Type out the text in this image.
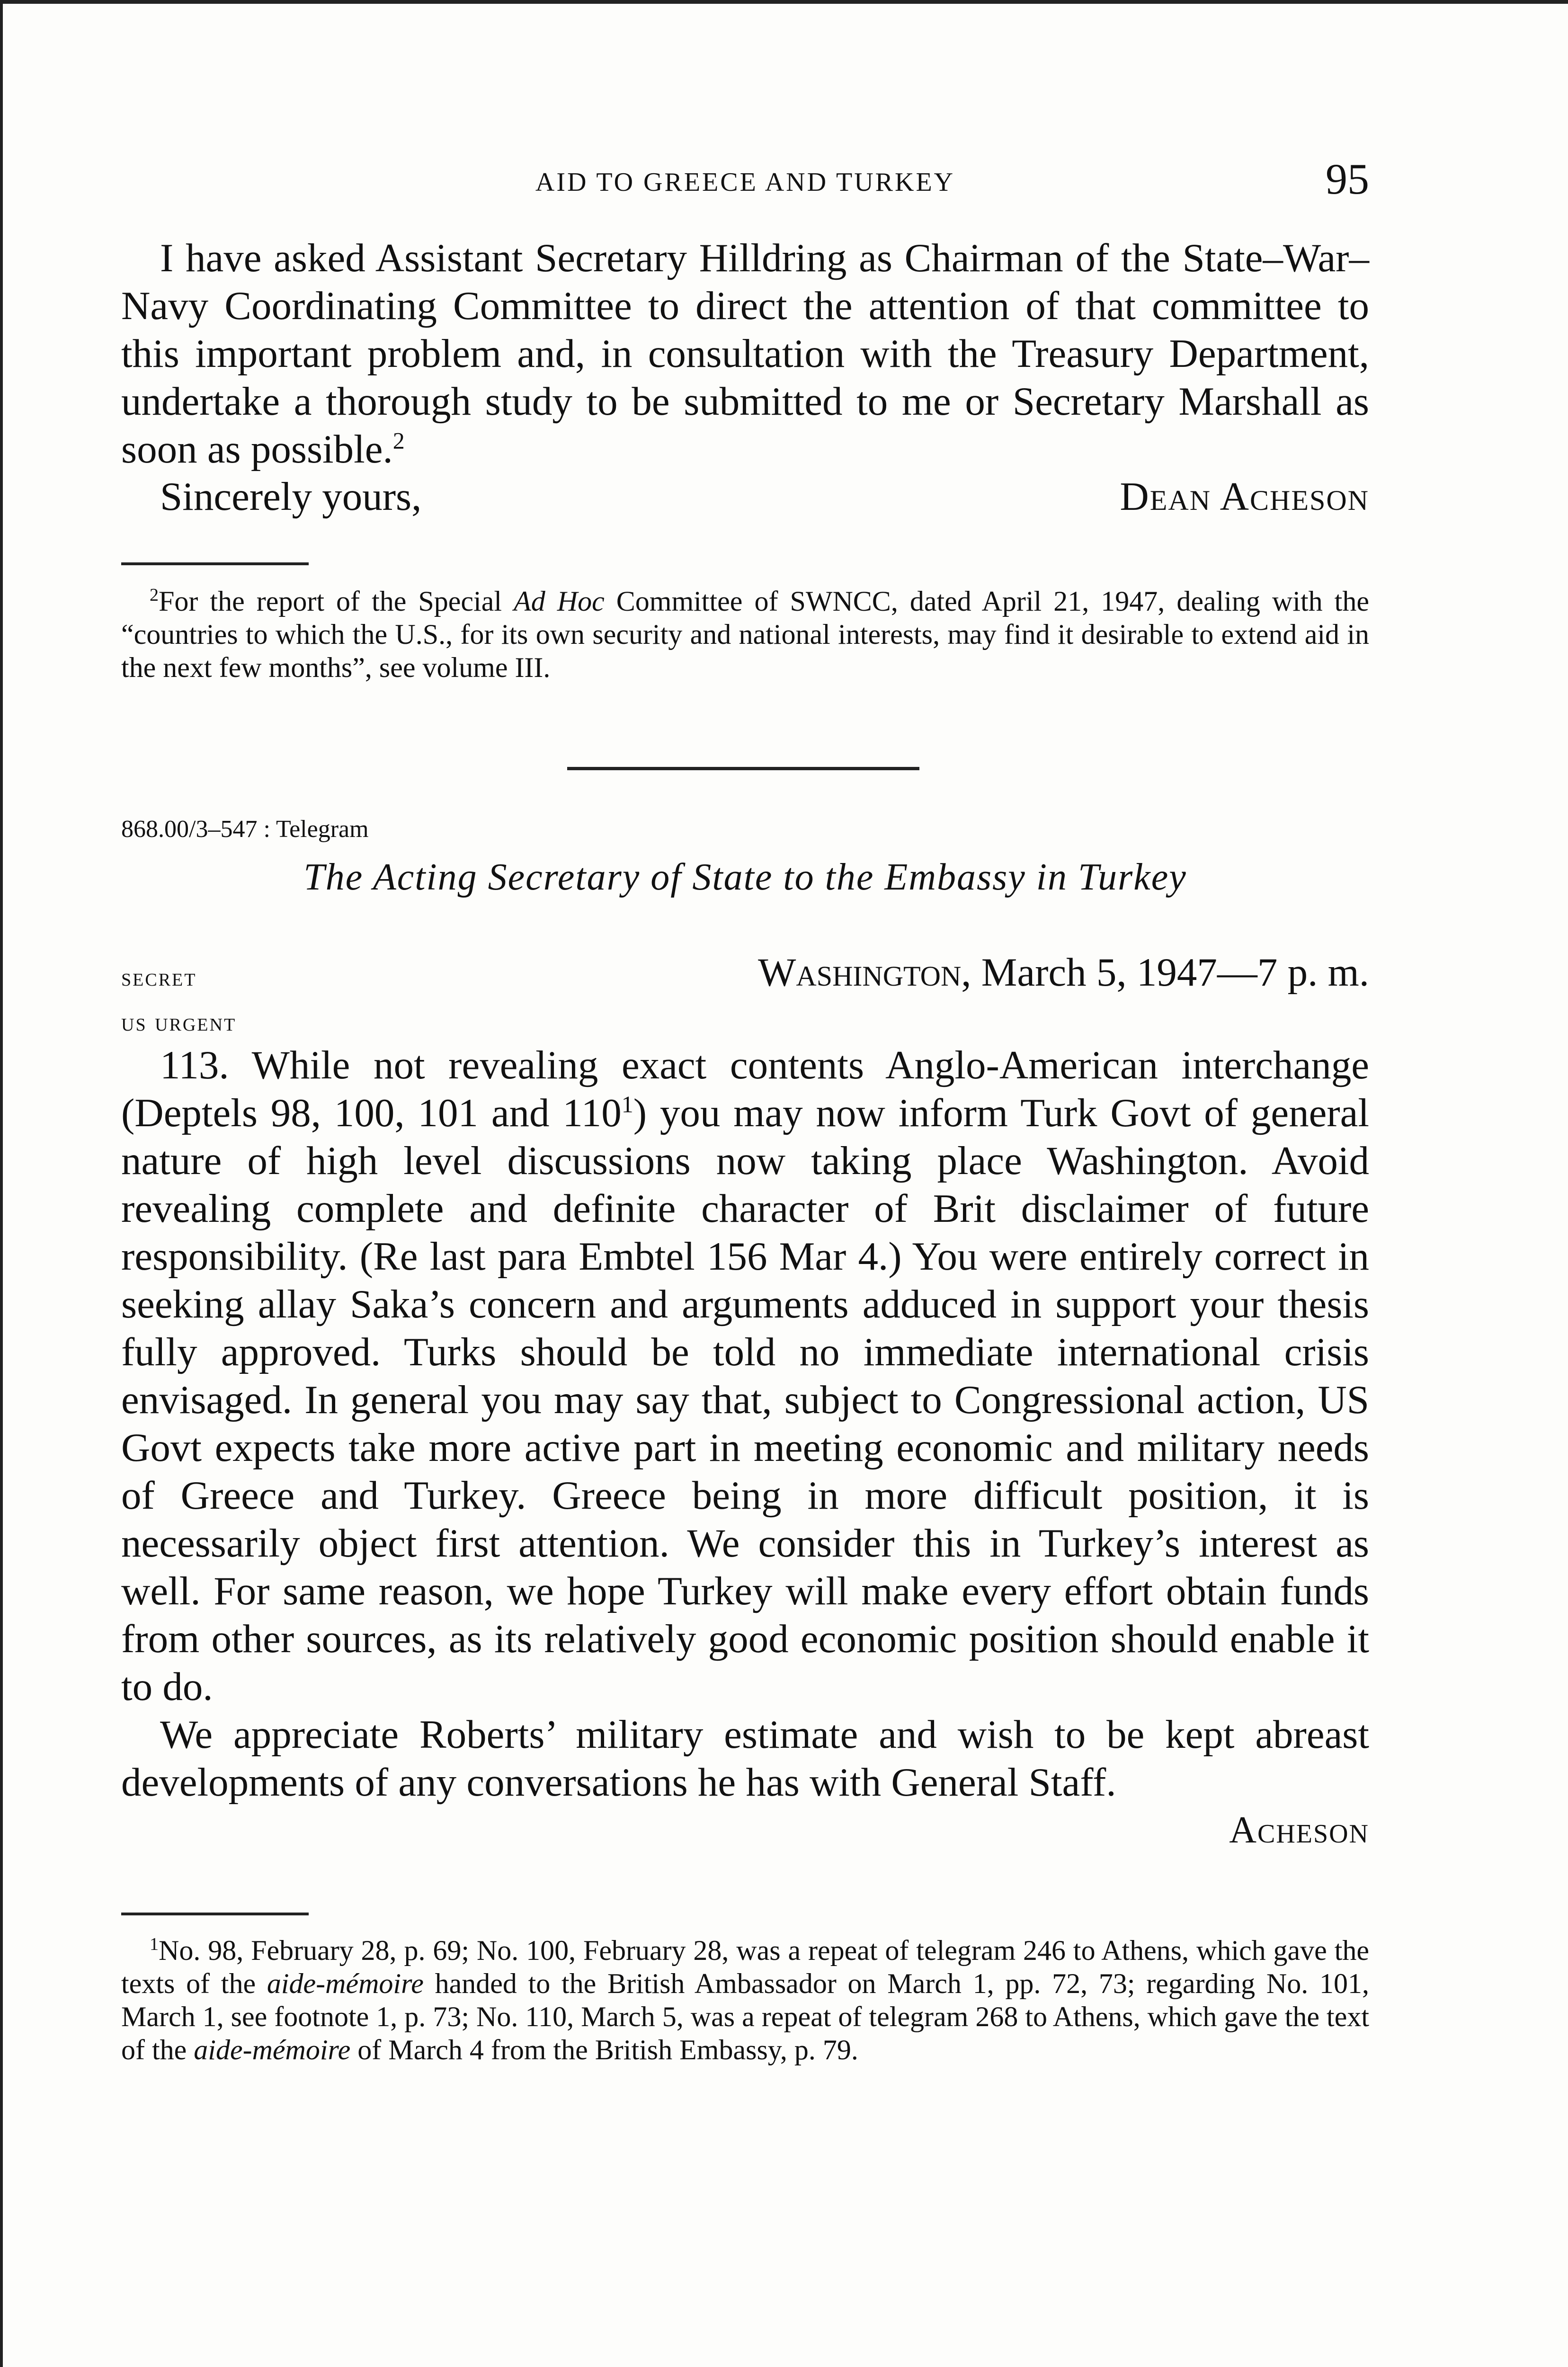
AID TO GREECE AND TURKEY	95

I have asked Assistant Secretary Hilldring as Chairman of the State–War–Navy Coordinating Committee to direct the attention of that committee to this important problem and, in consultation with the Treasury Department, undertake a thorough study to be submitted to me or Secretary Marshall as soon as possible.$^2$

Sincerely yours,	Dean Acheson

$^2$For the report of the Special Ad Hoc Committee of SWNCC, dated April 21, 1947, dealing with the “countries to which the U.S., for its own security and national interests, may find it desirable to extend aid in the next few months”, see volume III.

868.00/3–547 : Telegram
The Acting Secretary of State to the Embassy in Turkey
secret	Washington, March 5, 1947—7 p. m.
us urgent

113. While not revealing exact contents Anglo-American interchange (Deptels 98, 100, 101 and $110^1$) you may now inform Turk Govt of general nature of high level discussions now taking place Washington. Avoid revealing complete and definite character of Brit disclaimer of future responsibility. (Re last para Embtel 156 Mar 4.) You were entirely correct in seeking allay Saka’s concern and arguments adduced in support your thesis fully approved. Turks should be told no immediate international crisis envisaged. In general you may say that, subject to Congressional action, US Govt expects take more active part in meeting economic and military needs of Greece and Turkey. Greece being in more difficult position, it is necessarily object first attention. We consider this in Turkey’s interest as well. For same reason, we hope Turkey will make every effort obtain funds from other sources, as its relatively good economic position should enable it to do.

We appreciate Roberts’ military estimate and wish to be kept abreast developments of any conversations he has with General Staff.

Acheson

$^1$No. 98, February 28, p. 69; No. 100, February 28, was a repeat of telegram 246 to Athens, which gave the texts of the aide-mémoire handed to the British Ambassador on March 1, pp. 72, 73; regarding No. 101, March 1, see footnote 1, p. 73; No. 110, March 5, was a repeat of telegram 268 to Athens, which gave the text of the aide-mémoire of March 4 from the British Embassy, p. 79.
